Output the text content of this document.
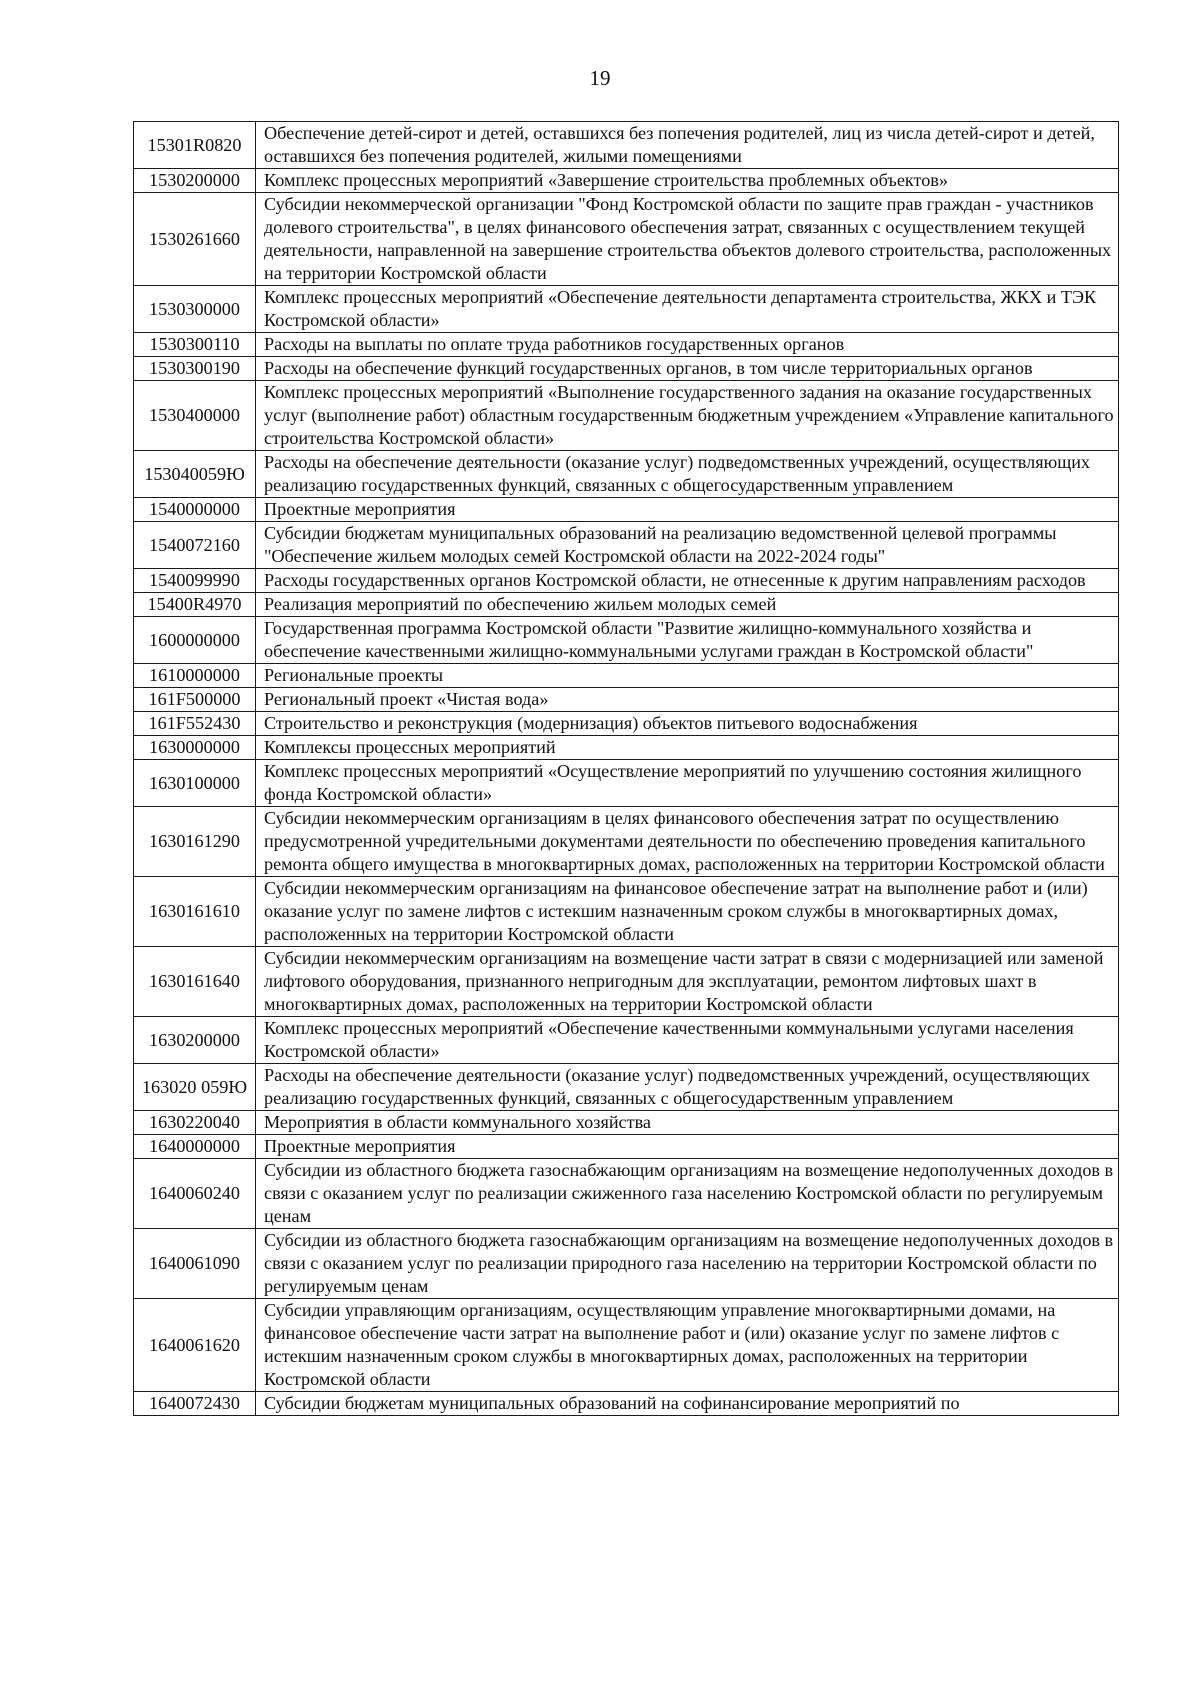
19
15301R0820	Обеспечение детей-сирот и детей, оставшихся без попечения родителей, лиц из числа детей-сирот и детей, оставшихся без попечения родителей, жилыми помещениями
1530200000	Комплекс процессных мероприятий «Завершение строительства проблемных объектов»
1530261660	Субсидии некоммерческой организации "Фонд Костромской области по защите прав граждан - участников долевого строительства", в целях финансового обеспечения затрат, связанных с осуществлением текущей деятельности, направленной на завершение строительства объектов долевого строительства, расположенных на территории Костромской области
1530300000	Комплекс процессных мероприятий «Обеспечение деятельности департамента строительства, ЖКХ и ТЭК Костромской области»
1530300110	Расходы на выплаты по оплате труда работников государственных органов
1530300190	Расходы на обеспечение функций государственных органов, в том числе территориальных органов
1530400000	Комплекс процессных мероприятий «Выполнение государственного задания на оказание государственных услуг (выполнение работ) областным государственным бюджетным учреждением «Управление капитального строительства Костромской области»
153040059Ю	Расходы на обеспечение деятельности (оказание услуг) подведомственных учреждений, осуществляющих реализацию государственных функций, связанных с общегосударственным управлением
1540000000	Проектные мероприятия
1540072160	Субсидии бюджетам муниципальных образований на реализацию ведомственной целевой программы "Обеспечение жильем молодых семей Костромской области на 2022-2024 годы"
1540099990	Расходы государственных органов Костромской области, не отнесенные к другим направлениям расходов
15400R4970	Реализация мероприятий по обеспечению жильем молодых семей
1600000000	Государственная программа Костромской области "Развитие жилищно-коммунального хозяйства и обеспечение качественными жилищно-коммунальными услугами граждан в Костромской области"
1610000000	Региональные проекты
161F500000	Региональный проект «Чистая вода»
161F552430	Строительство и реконструкция (модернизация) объектов питьевого водоснабжения
1630000000	Комплексы процессных мероприятий
1630100000	Комплекс процессных мероприятий «Осуществление мероприятий по улучшению состояния жилищного фонда Костромской области»
1630161290	Субсидии некоммерческим организациям в целях финансового обеспечения затрат по осуществлению предусмотренной учредительными документами деятельности по обеспечению проведения капитального ремонта общего имущества в многоквартирных домах, расположенных на территории Костромской области
1630161610	Субсидии некоммерческим организациям на финансовое обеспечение затрат на выполнение работ и (или) оказание услуг по замене лифтов с истекшим назначенным сроком службы в многоквартирных домах, расположенных на территории Костромской области
1630161640	Субсидии некоммерческим организациям на возмещение части затрат в связи с модернизацией или заменой лифтового оборудования, признанного непригодным для эксплуатации, ремонтом лифтовых шахт в многоквартирных домах, расположенных на территории Костромской области
1630200000	Комплекс процессных мероприятий «Обеспечение качественными коммунальными услугами населения Костромской области»
163020 059Ю	Расходы на обеспечение деятельности (оказание услуг) подведомственных учреждений, осуществляющих реализацию государственных функций, связанных с общегосударственным управлением
1630220040	Мероприятия в области коммунального хозяйства
1640000000	Проектные мероприятия
1640060240	Субсидии из областного бюджета газоснабжающим организациям на возмещение недополученных доходов в связи с оказанием услуг по реализации сжиженного газа населению Костромской области по регулируемым ценам
1640061090	Субсидии из областного бюджета газоснабжающим организациям на возмещение недополученных доходов в связи с оказанием услуг по реализации природного газа населению на территории Костромской области по регулируемым ценам
1640061620	Субсидии управляющим организациям, осуществляющим управление многоквартирными домами, на финансовое обеспечение части затрат на выполнение работ и (или) оказание услуг по замене лифтов с истекшим назначенным сроком службы в многоквартирных домах, расположенных на территории Костромской области
1640072430	Субсидии бюджетам муниципальных образований на софинансирование мероприятий по
